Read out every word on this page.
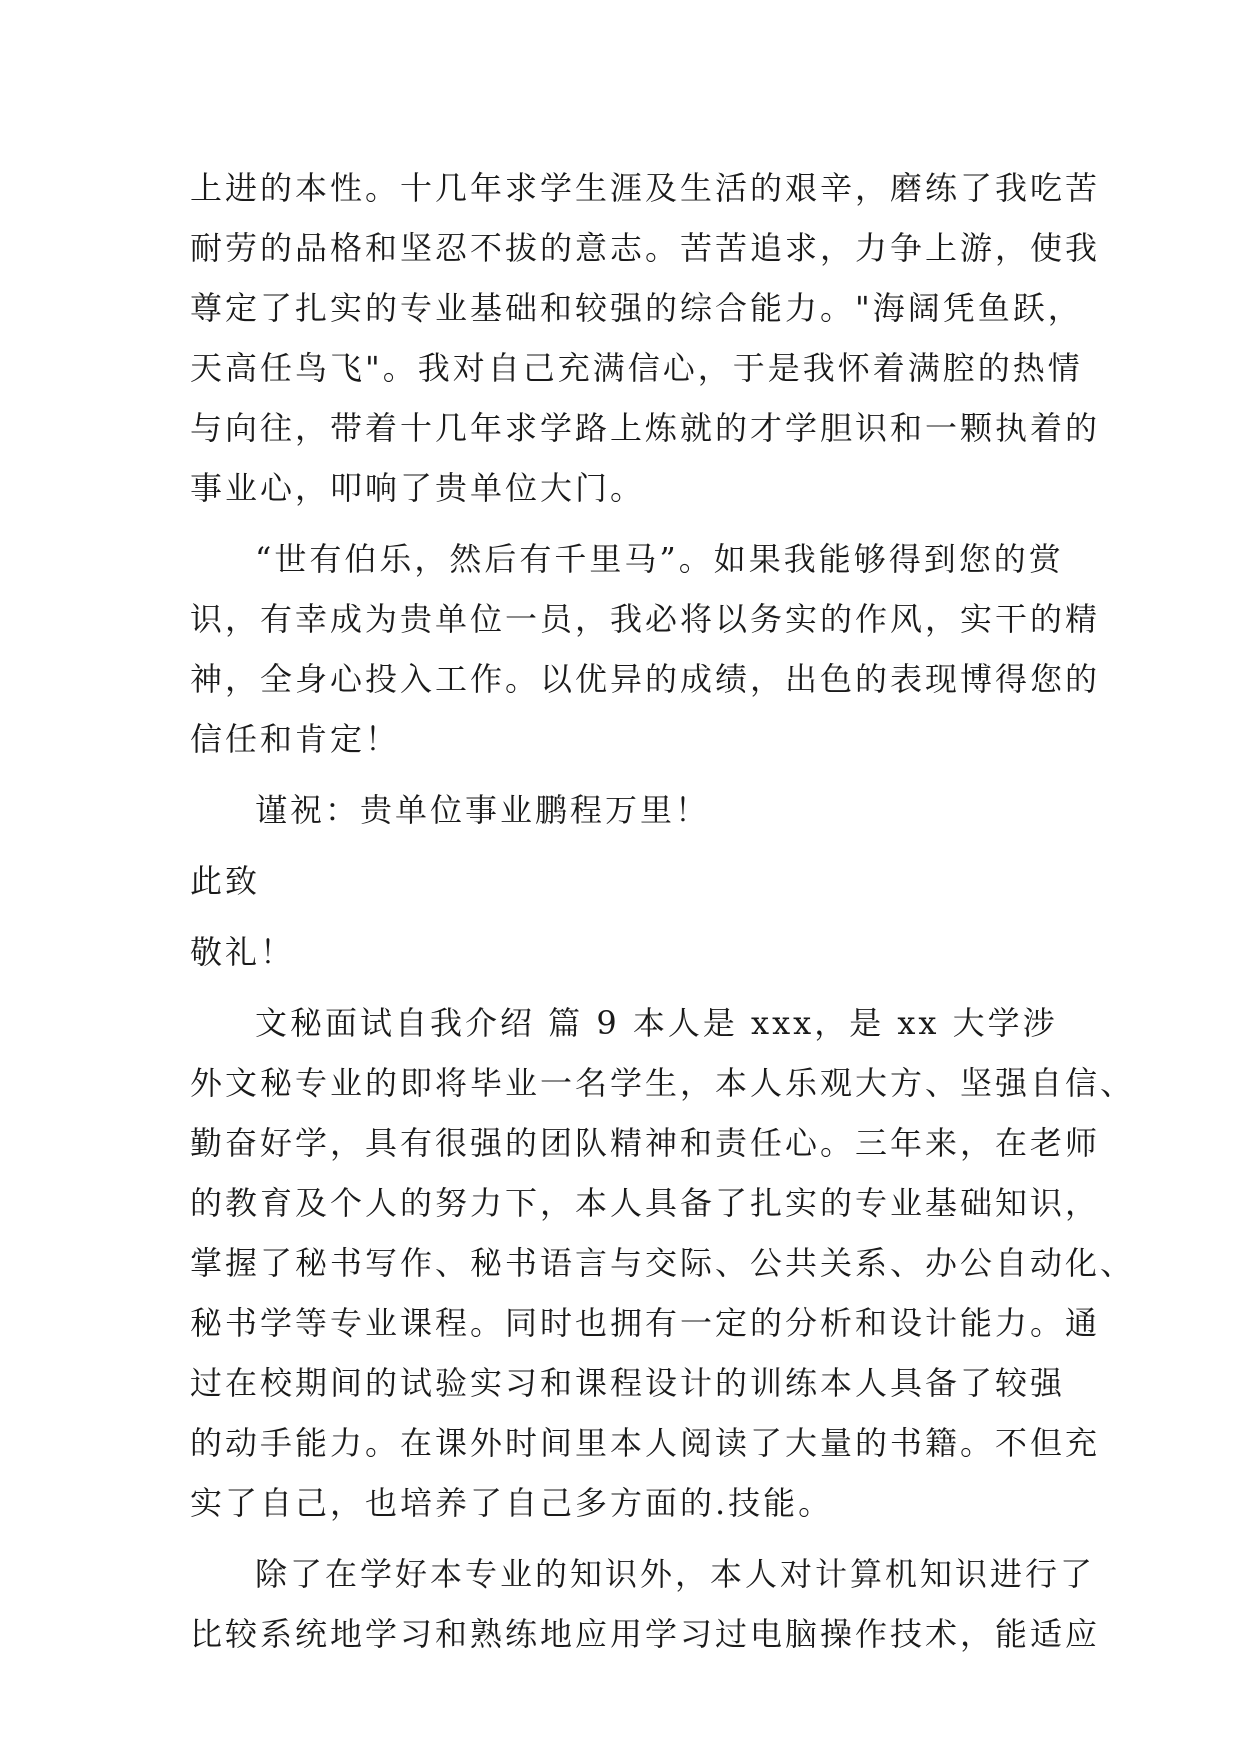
上进的本性。十几年求学生涯及生活的艰辛，磨练了我吃苦
耐劳的品格和坚忍不拔的意志。苦苦追求，力争上游，使我
尊定了扎实的专业基础和较强的综合能力。"海阔凭鱼跃，
天高任鸟飞"。我对自己充满信心，于是我怀着满腔的热情
与向往，带着十几年求学路上炼就的才学胆识和一颗执着的
事业心，叩响了贵单位大门。
“世有伯乐，然后有千里马”。如果我能够得到您的赏
识，有幸成为贵单位一员，我必将以务实的作风，实干的精
神，全身心投入工作。以优异的成绩，出色的表现博得您的
信任和肯定！
谨祝：贵单位事业鹏程万里！
此致
敬礼！
文秘面试自我介绍 篇 9 本人是 xxx，是 xx 大学涉
外文秘专业的即将毕业一名学生，本人乐观大方、坚强自信、
勤奋好学，具有很强的团队精神和责任心。三年来，在老师
的教育及个人的努力下，本人具备了扎实的专业基础知识，
掌握了秘书写作、秘书语言与交际、公共关系、办公自动化、
秘书学等专业课程。同时也拥有一定的分析和设计能力。通
过在校期间的试验实习和课程设计的训练本人具备了较强
的动手能力。在课外时间里本人阅读了大量的书籍。不但充
实了自己，也培养了自己多方面的.技能。
除了在学好本专业的知识外，本人对计算机知识进行了
比较系统地学习和熟练地应用学习过电脑操作技术，能适应
